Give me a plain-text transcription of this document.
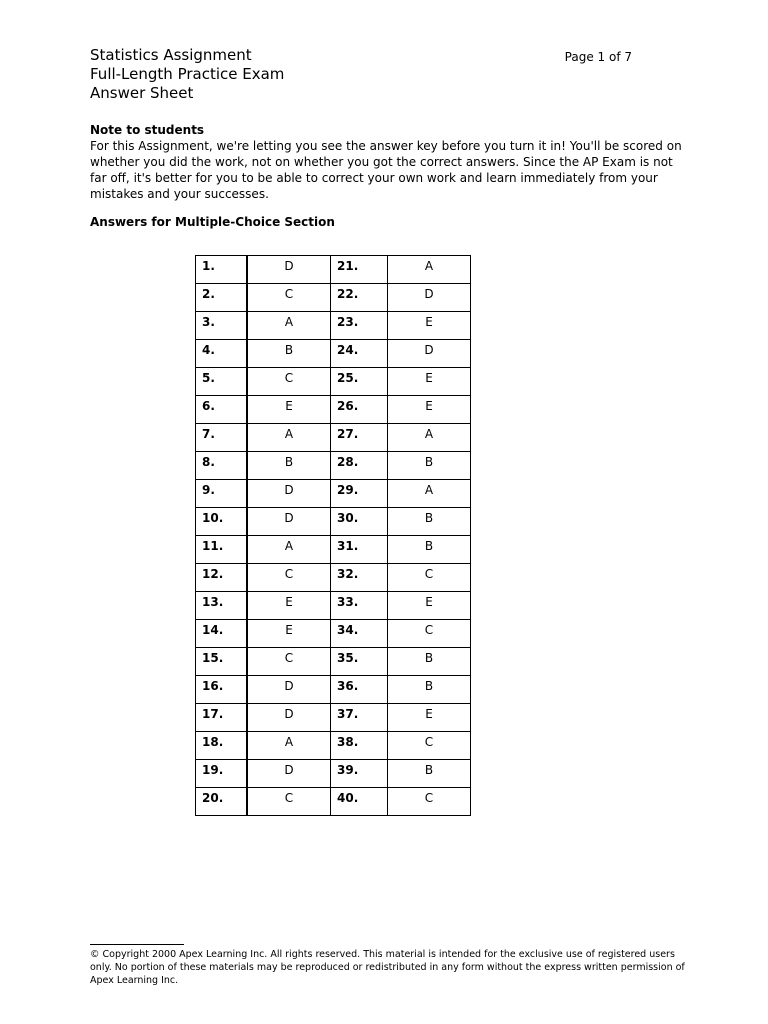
Statistics Assignment

Full-Length Practice Exam

Answer Sheet

Page 1 of 7
Note to students

For this Assignment, we're letting you see the answer key before you turn it in! You'll be scored on whether you did the work, not on whether you got the correct answers. Since the AP Exam is not far off, it's better for you to be able to correct your own work and learn immediately from your mistakes and your successes.

Answers for Multiple-Choice Section
1.	D	21.	A
2.	C	22.	D
3.	A	23.	E
4.	B	24.	D
5.	C	25.	E
6.	E	26.	E
7.	A	27.	A
8.	B	28.	B
9.	D	29.	A
10.	D	30.	B
11.	A	31.	B
12.	C	32.	C
13.	E	33.	E
14.	E	34.	C
15.	C	35.	B
16.	D	36.	B
17.	D	37.	E
18.	A	38.	C
19.	D	39.	B
20.	C	40.	C
© Copyright 2000 Apex Learning Inc. All rights reserved. This material is intended for the exclusive use of registered users only. No portion of these materials may be reproduced or redistributed in any form without the express written permission of Apex Learning Inc.
